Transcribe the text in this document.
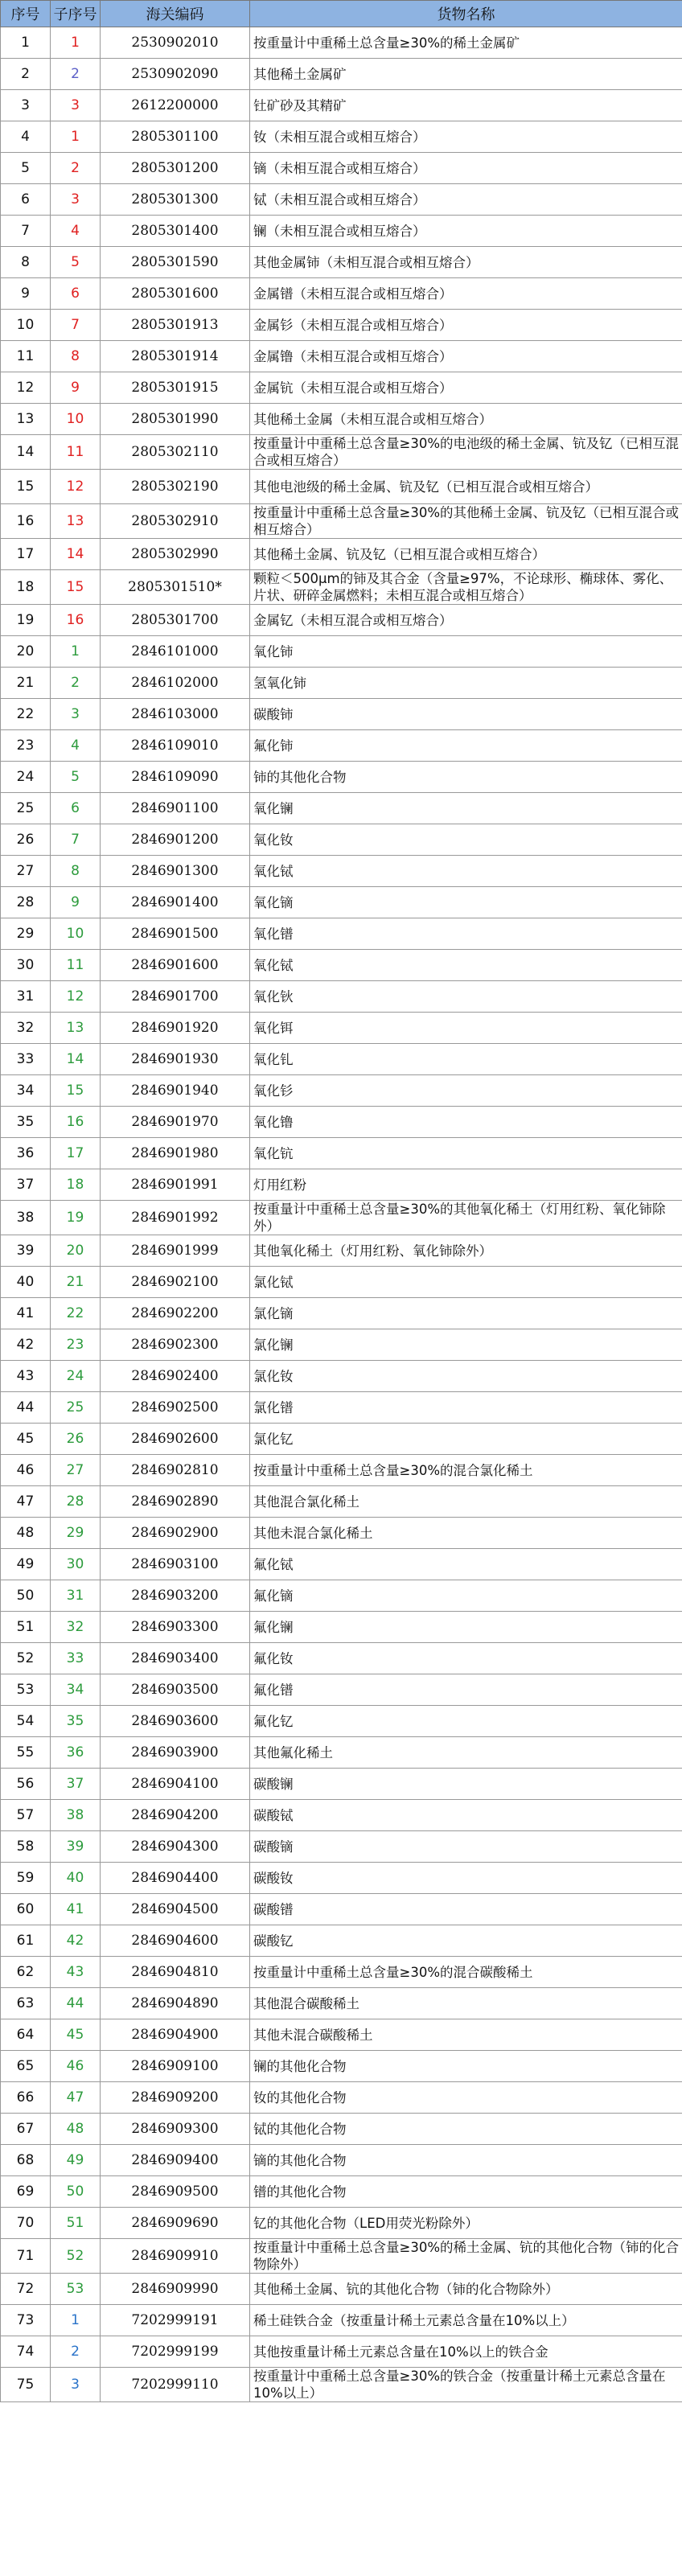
序号	子序号	海关编码	货物名称
1	1	2530902010	按重量计中重稀土总含量≥30%的稀土金属矿
2	2	2530902090	其他稀土金属矿
3	3	2612200000	钍矿砂及其精矿
4	1	2805301100	钕（未相互混合或相互熔合）
5	2	2805301200	镝（未相互混合或相互熔合）
6	3	2805301300	铽（未相互混合或相互熔合）
7	4	2805301400	镧（未相互混合或相互熔合）
8	5	2805301590	其他金属铈（未相互混合或相互熔合）
9	6	2805301600	金属镨（未相互混合或相互熔合）
10	7	2805301913	金属钐（未相互混合或相互熔合）
11	8	2805301914	金属镥（未相互混合或相互熔合）
12	9	2805301915	金属钪（未相互混合或相互熔合）
13	10	2805301990	其他稀土金属（未相互混合或相互熔合）
14	11	2805302110	按重量计中重稀土总含量≥30%的电池级的稀土金属、钪及钇（已相互混合或相互熔合）
15	12	2805302190	其他电池级的稀土金属、钪及钇（已相互混合或相互熔合）
16	13	2805302910	按重量计中重稀土总含量≥30%的其他稀土金属、钪及钇（已相互混合或相互熔合）
17	14	2805302990	其他稀土金属、钪及钇（已相互混合或相互熔合）
18	15	2805301510*	颗粒＜500μm的铈及其合金（含量≥97%，不论球形、椭球体、雾化、片状、研碎金属燃料；未相互混合或相互熔合）
19	16	2805301700	金属钇（未相互混合或相互熔合）
20	1	2846101000	氧化铈
21	2	2846102000	氢氧化铈
22	3	2846103000	碳酸铈
23	4	2846109010	氟化铈
24	5	2846109090	铈的其他化合物
25	6	2846901100	氧化镧
26	7	2846901200	氧化钕
27	8	2846901300	氧化铽
28	9	2846901400	氧化镝
29	10	2846901500	氧化镨
30	11	2846901600	氧化铽
31	12	2846901700	氧化钬
32	13	2846901920	氧化铒
33	14	2846901930	氧化钆
34	15	2846901940	氧化钐
35	16	2846901970	氧化镥
36	17	2846901980	氧化钪
37	18	2846901991	灯用红粉
38	19	2846901992	按重量计中重稀土总含量≥30%的其他氧化稀土（灯用红粉、氧化铈除外）
39	20	2846901999	其他氧化稀土（灯用红粉、氧化铈除外）
40	21	2846902100	氯化铽
41	22	2846902200	氯化镝
42	23	2846902300	氯化镧
43	24	2846902400	氯化钕
44	25	2846902500	氯化镨
45	26	2846902600	氯化钇
46	27	2846902810	按重量计中重稀土总含量≥30%的混合氯化稀土
47	28	2846902890	其他混合氯化稀土
48	29	2846902900	其他未混合氯化稀土
49	30	2846903100	氟化铽
50	31	2846903200	氟化镝
51	32	2846903300	氟化镧
52	33	2846903400	氟化钕
53	34	2846903500	氟化镨
54	35	2846903600	氟化钇
55	36	2846903900	其他氟化稀土
56	37	2846904100	碳酸镧
57	38	2846904200	碳酸铽
58	39	2846904300	碳酸镝
59	40	2846904400	碳酸钕
60	41	2846904500	碳酸镨
61	42	2846904600	碳酸钇
62	43	2846904810	按重量计中重稀土总含量≥30%的混合碳酸稀土
63	44	2846904890	其他混合碳酸稀土
64	45	2846904900	其他未混合碳酸稀土
65	46	2846909100	镧的其他化合物
66	47	2846909200	钕的其他化合物
67	48	2846909300	铽的其他化合物
68	49	2846909400	镝的其他化合物
69	50	2846909500	镨的其他化合物
70	51	2846909690	钇的其他化合物（LED用荧光粉除外）
71	52	2846909910	按重量计中重稀土总含量≥30%的稀土金属、钪的其他化合物（铈的化合物除外）
72	53	2846909990	其他稀土金属、钪的其他化合物（铈的化合物除外）
73	1	7202999191	稀土硅铁合金（按重量计稀土元素总含量在10%以上）
74	2	7202999199	其他按重量计稀土元素总含量在10%以上的铁合金
75	3	7202999110	按重量计中重稀土总含量≥30%的铁合金（按重量计稀土元素总含量在10%以上）
